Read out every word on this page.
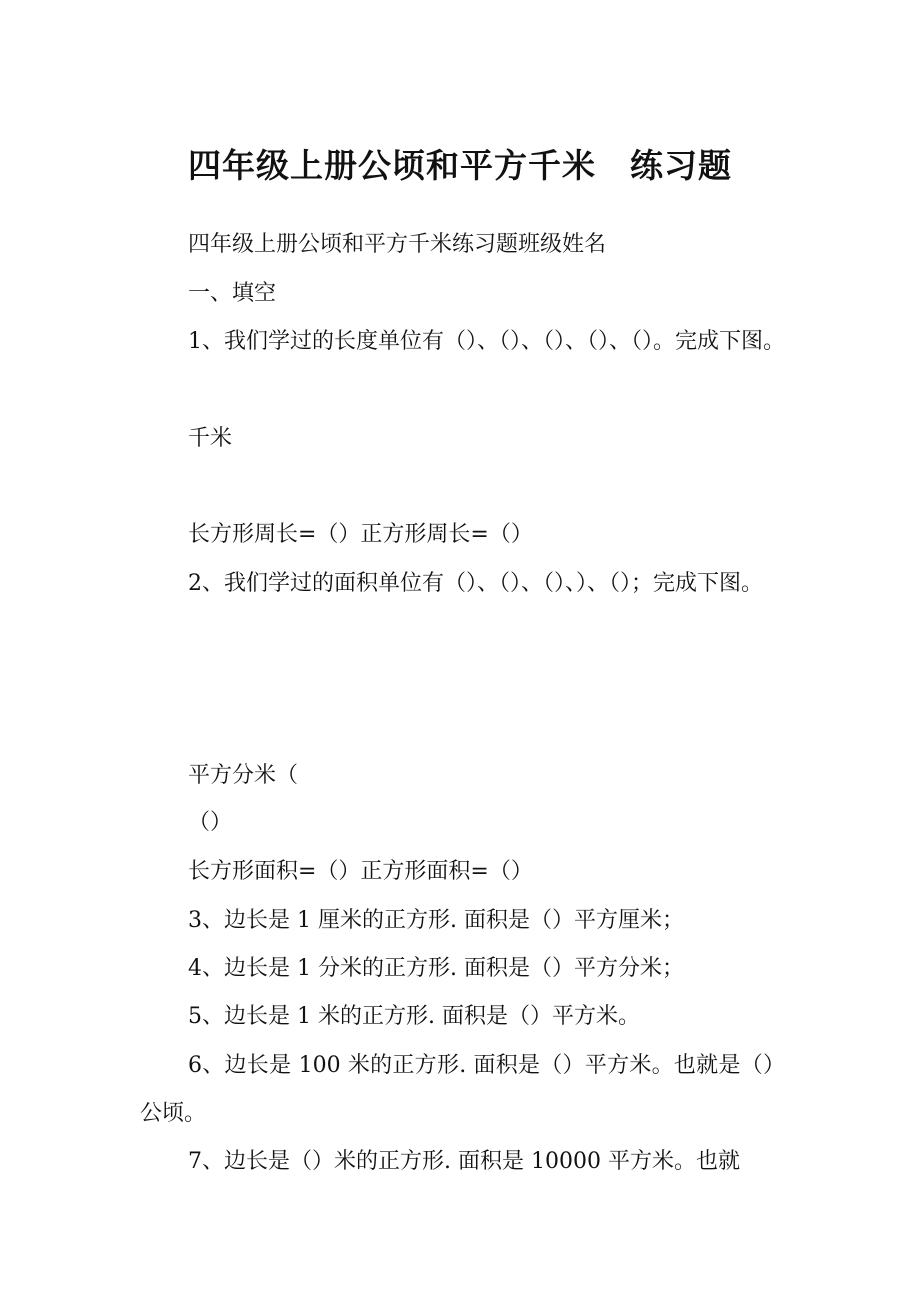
四年级上册公顷和平方千米 练习题
四年级上册公顷和平方千米练习题班级姓名
一、填空
1、我们学过的长度单位有（）、（）、（）、（）、（）。完成下图。
千米
长方形周长=（）正方形周长=（）
2、我们学过的面积单位有（）、（）、（）、）、（）；完成下图。
平方分米（
（）
长方形面积=（）正方形面积=（）
3、边长是 1 厘米的正方形. 面积是（）平方厘米；
4、边长是 1 分米的正方形. 面积是（）平方分米；
5、边长是 1 米的正方形. 面积是（）平方米。
6、边长是 100 米的正方形. 面积是（）平方米。也就是（）公顷。
7、边长是（）米的正方形. 面积是 10000 平方米。也就
